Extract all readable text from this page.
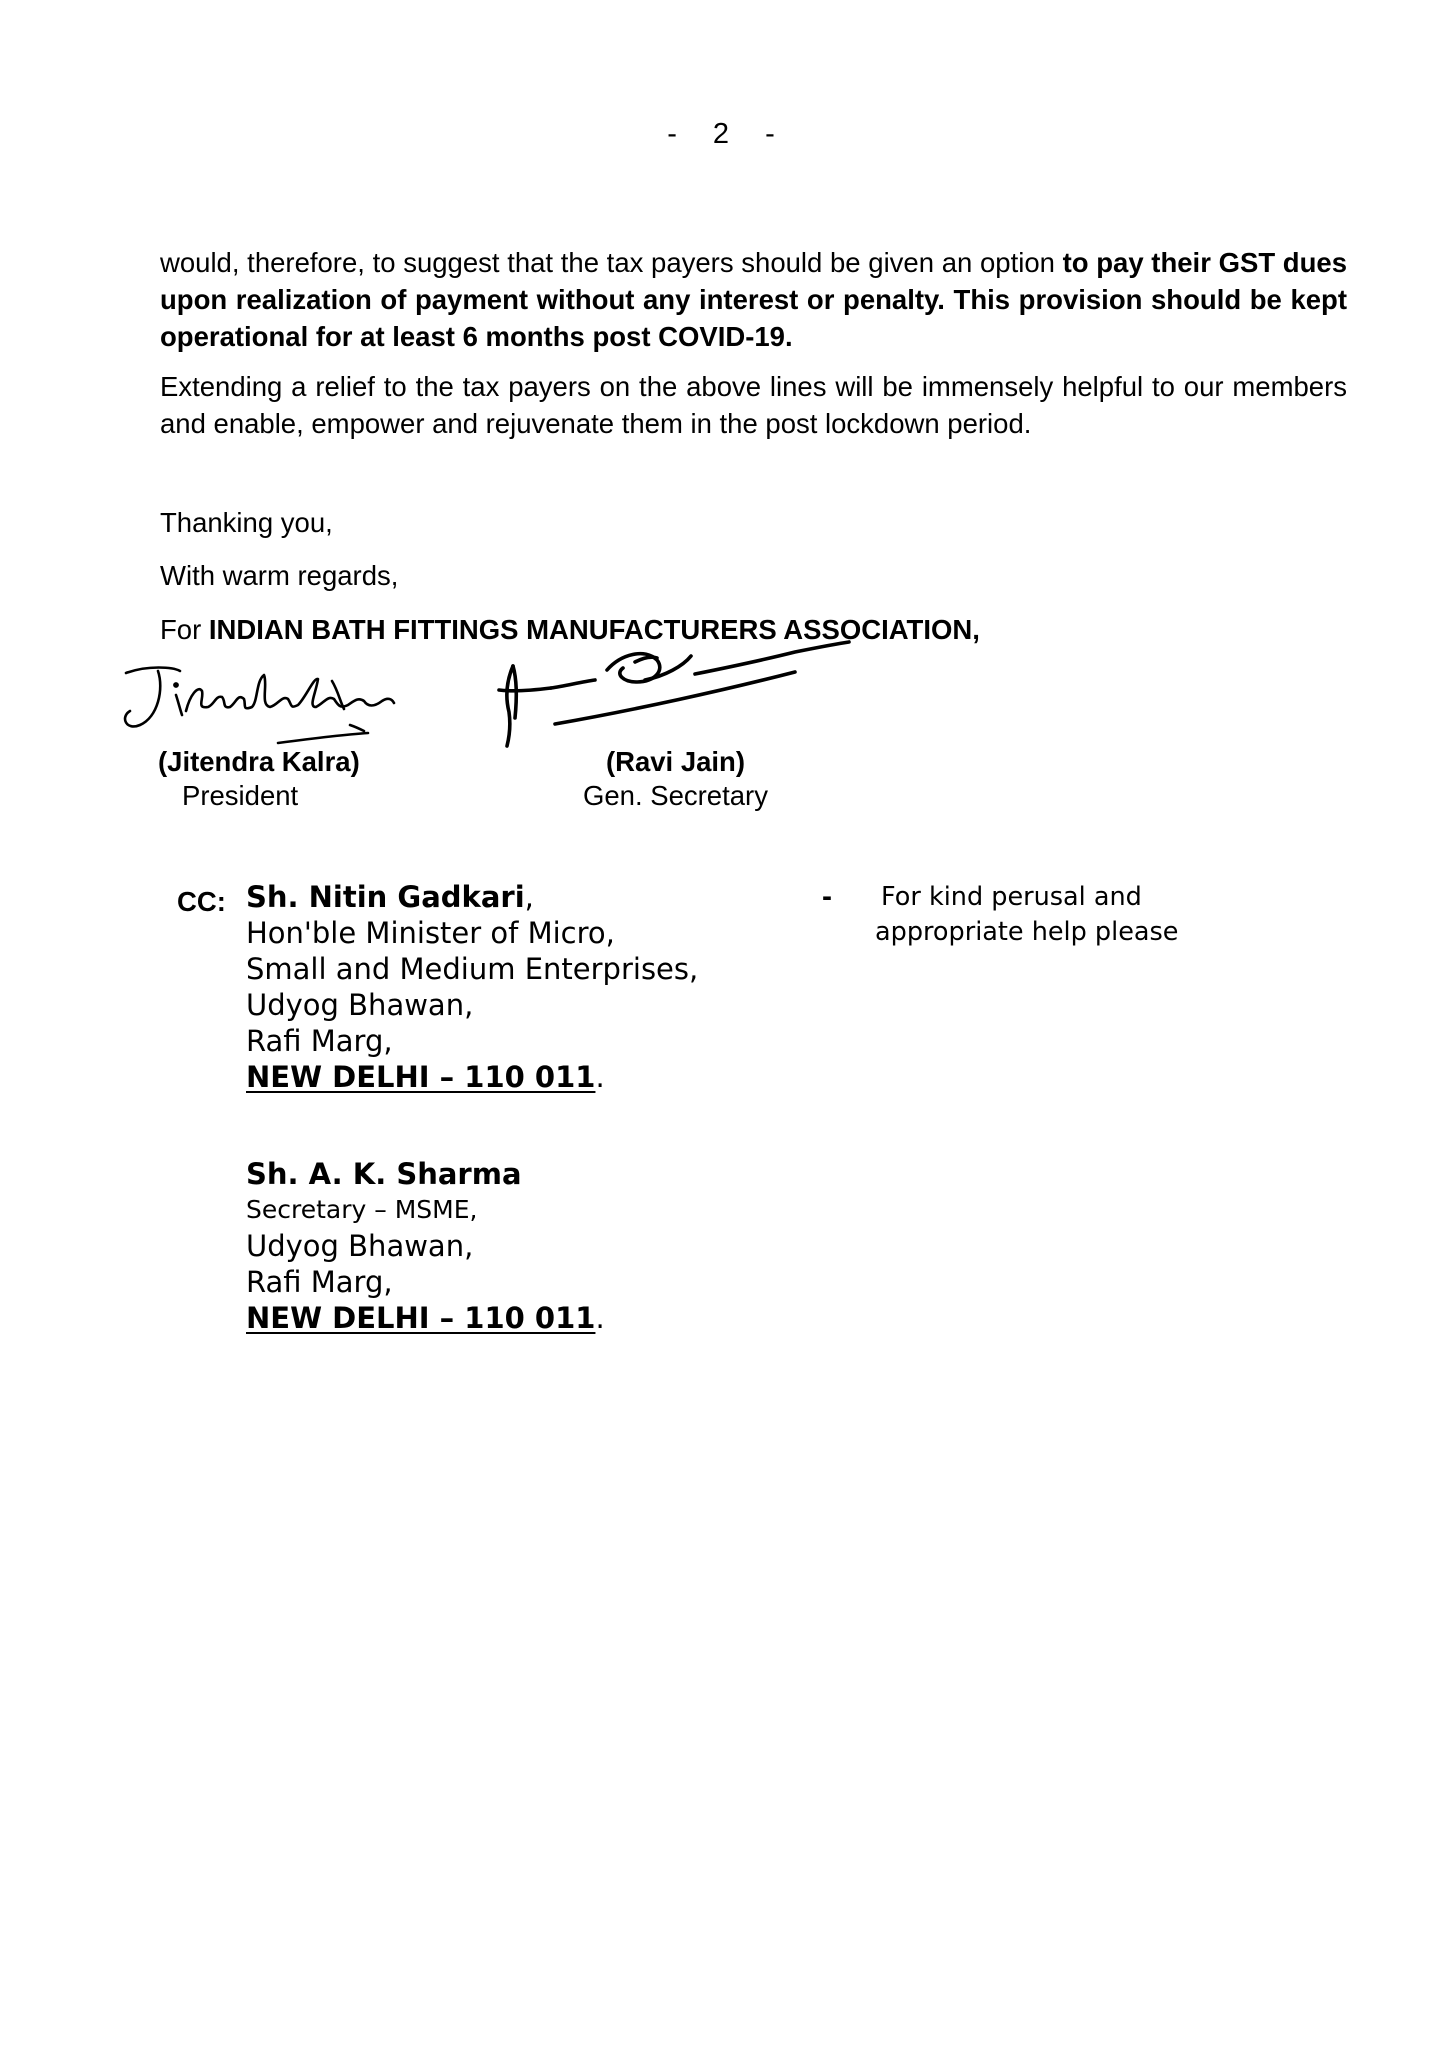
- 2 -
would, therefore, to suggest that the tax payers should be given an option to pay their GST dues upon realization of payment without any interest or penalty. This provision should be kept operational for at least 6 months post COVID-19.
Extending a relief to the tax payers on the above lines will be immensely helpful to our members and enable, empower and rejuvenate them in the post lockdown period.
Thanking you,
With warm regards,
For INDIAN BATH FITTINGS MANUFACTURERS ASSOCIATION,
(Jitendra Kalra)
President
(Ravi Jain)
Gen. Secretary
CC: Sh. Nitin Gadkari,
Hon'ble Minister of Micro,
Small and Medium Enterprises,
Udyog Bhawan,
Rafi Marg,
NEW DELHI – 110 011.
- For kind perusal and
appropriate help please
Sh. A. K. Sharma
Secretary – MSME,
Udyog Bhawan,
Rafi Marg,
NEW DELHI – 110 011.
